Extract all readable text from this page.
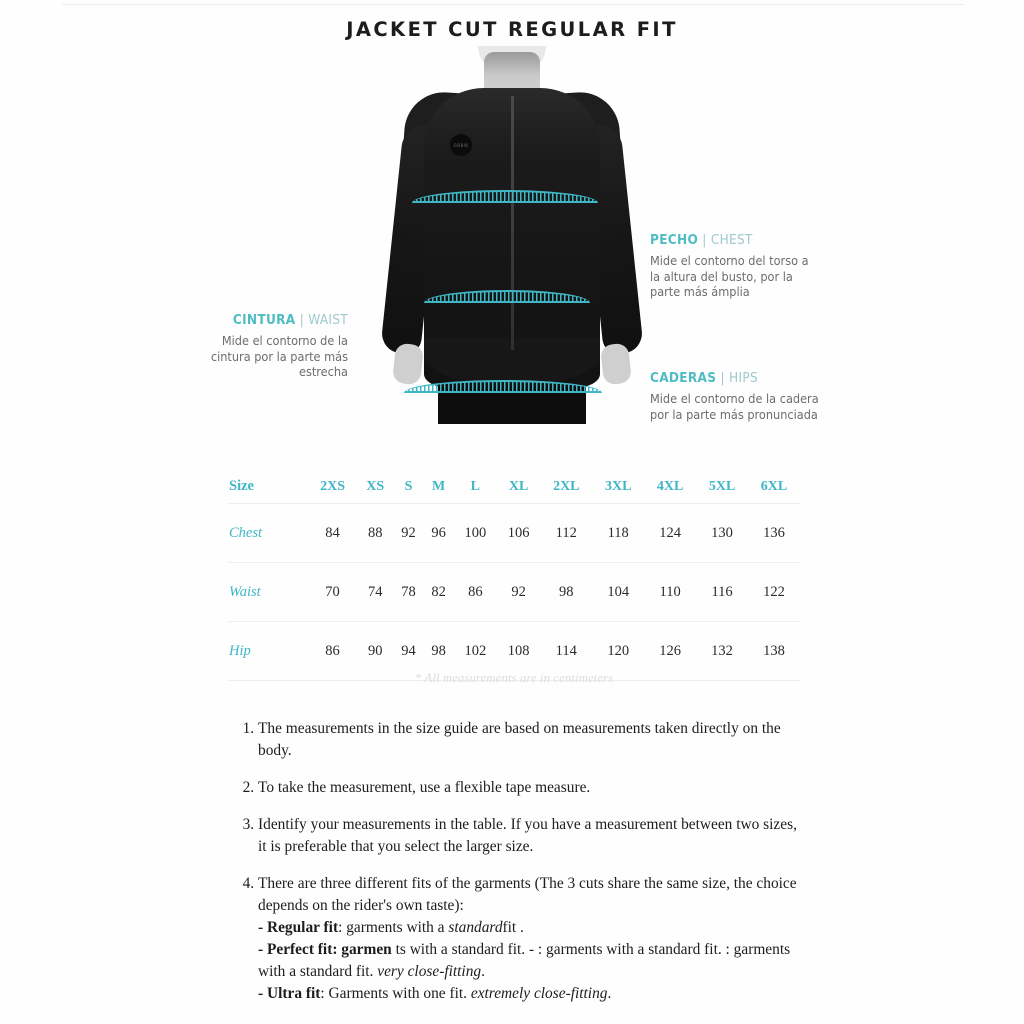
JACKET CUT REGULAR FIT
GOBIK
PECHO | CHEST
Mide el contorno del torso a la altura del busto, por la parte más ámplia
CINTURA | WAIST
Mide el contorno de la cintura por la parte más estrecha	CADERAS | HIPS
Mide el contorno de la cadera por la parte más pronunciada
Size	2XS	XS	S	M	L	XL	2XL	3XL	4XL	5XL	6XL
Chest	84	88	92	96	100	106	112	118	124	130	136
Waist	70	74	78	82	86	92	98	104	110	116	122
Hip	86	90	94	98	102	108	114	120	126	132	138
* All measurements are in centimeters
1. The measurements in the size guide are based on measurements taken directly on the body.
2. To take the measurement, use a flexible tape measure.
3. Identify your measurements in the table. If you have a measurement between two sizes, it is preferable that you select the larger size.
4. There are three different fits of the garments (The 3 cuts share the same size, the choice depends on the rider's own taste):
- Regular fit: garments with a standardfit .
- Perfect fit: garmen ts with a standard fit. - : garments with a standard fit. : garments with a standard fit. very close-fitting.
- Ultra fit: Garments with one fit. extremely close-fitting.
